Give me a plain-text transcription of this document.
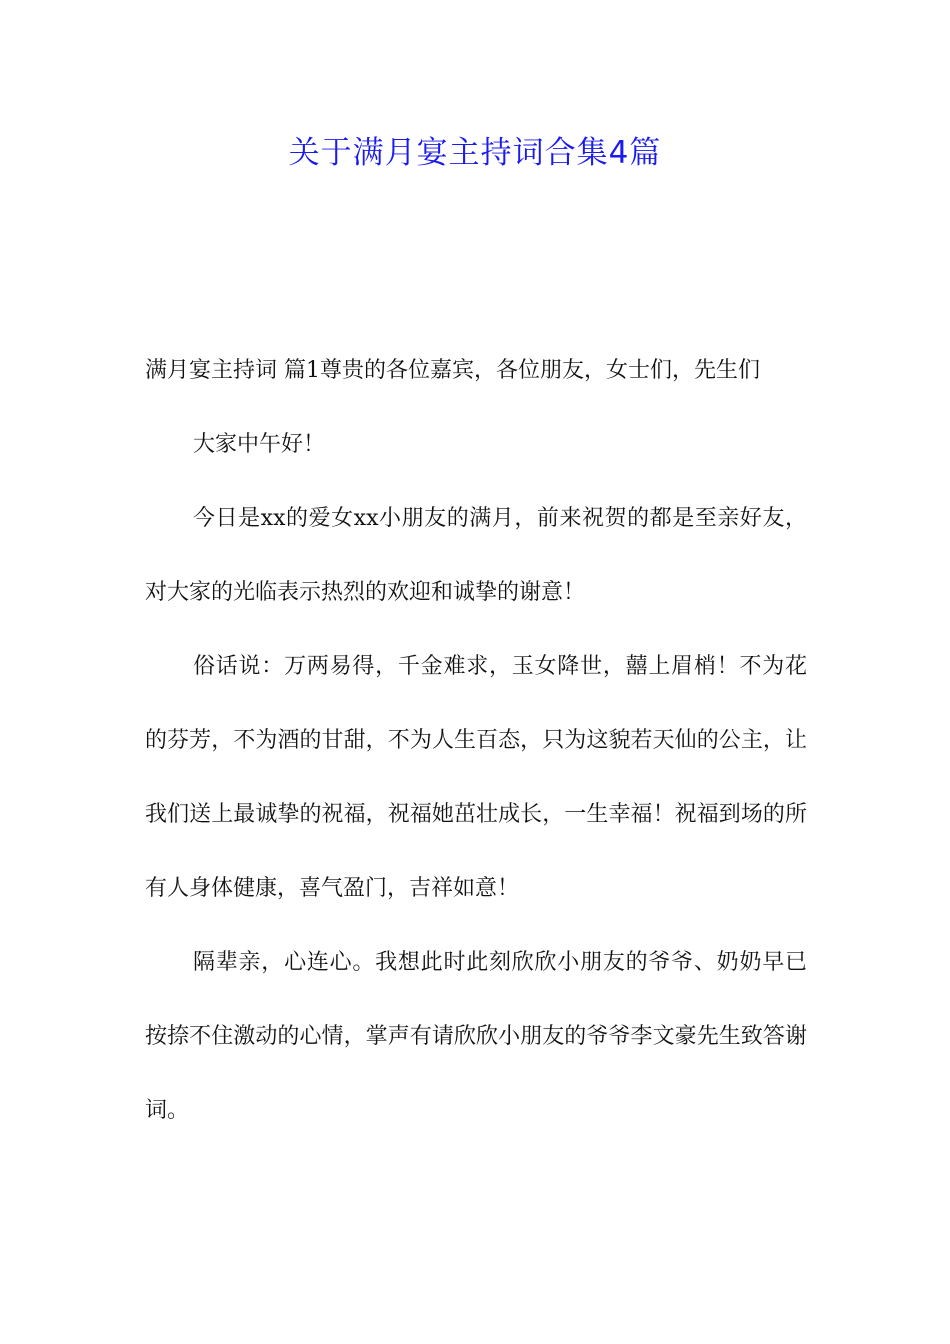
关于满月宴主持词合集4篇

满月宴主持词 篇1尊贵的各位嘉宾，各位朋友，女士们，先生们

大家中午好！

今日是xx的爱女xx小朋友的满月，前来祝贺的都是至亲好友，对大家的光临表示热烈的欢迎和诚挚的谢意！

俗话说：万两易得，千金难求，玉女降世，囍上眉梢！不为花的芬芳，不为酒的甘甜，不为人生百态，只为这貌若天仙的公主，让我们送上最诚挚的祝福，祝福她茁壮成长，一生幸福！祝福到场的所有人身体健康，喜气盈门，吉祥如意！

隔辈亲，心连心。我想此时此刻欣欣小朋友的爷爷、奶奶早已按捺不住激动的心情，掌声有请欣欣小朋友的爷爷李文豪先生致答谢词。
